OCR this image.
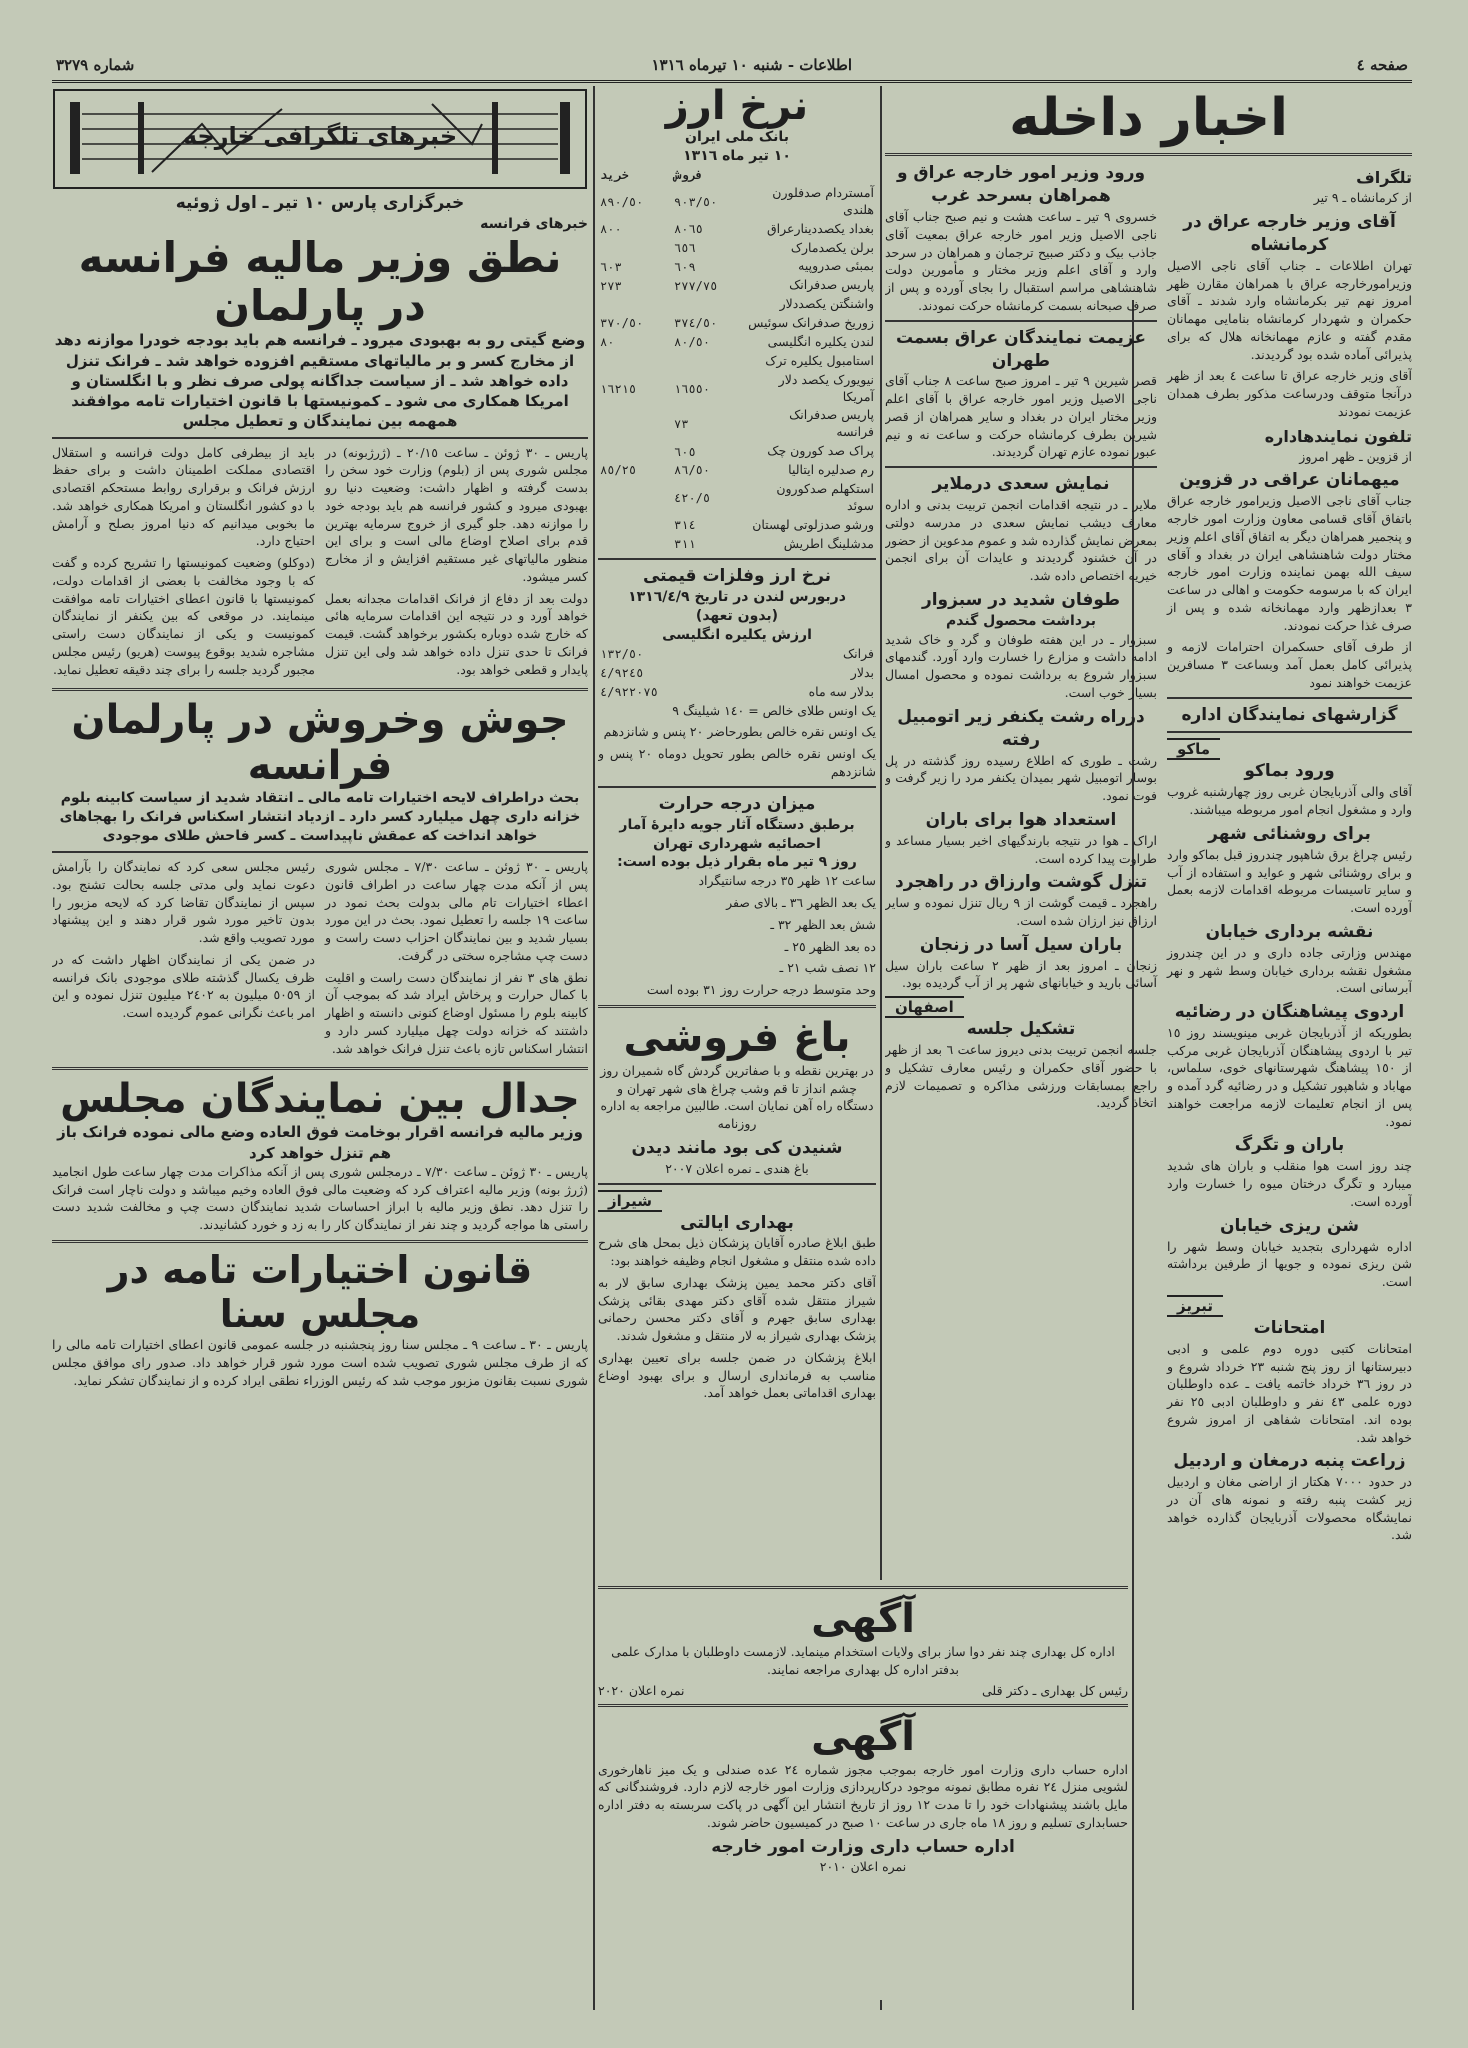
صفحه ٤
اطلاعات - شنبه ١٠ تیرماه ١٣١٦
شماره ٣٢٧٩
اخبار داخله
تلگراف
از کرمانشاه ـ ۹ تیر
آقای وزیر خارجه عراق در کرمانشاه

تهران اطلاعات ـ جناب آقای ناجی الاصیل وزیرامورخارجه عراق با همراهان مقارن ظهر امروز نهم تیر بکرمانشاه وارد شدند ـ آقای حکمران و شهردار کرمانشاه بنامایی مهمانان مقدم گفته و عازم مهمانخانه هلال که برای پذیرائی آماده شده بود گردیدند.

آقای وزیر خارجه عراق تا ساعت ٤ بعد از ظهر درآنجا متوقف ودرساعت مذکور بطرف همدان عزیمت نمودند

تلفون نمایندهاداره
از قزوین ـ ظهر امروز
میهمانان عراقی در قزوین

جناب آقای ناجی الاصیل وزیرامور خارجه عراق باتفاق آقای قسامی معاون وزارت امور خارجه و پنجمیر همراهان دیگر به اتفاق آقای اعلم وزیر مختار دولت شاهنشاهی ایران در بغداد و آقای سیف الله بهمن نماینده وزارت امور خارجه ایران که با مرسومه حکومت و اهالی در ساعت ٣ بعدازظهر وارد مهمانخانه شده و پس از صرف غذا حرکت نمودند.

از طرف آقای حسکمران احترامات لازمه و پذیرائی کامل بعمل آمد وبساعت ٣ مسافرین عزیمت خواهند نمود

گزارشهای نمایندگان اداره
ماکو
ورود بماکو

آقای والی آذربایجان غربی روز چهارشنبه غروب وارد و مشغول انجام امور مربوطه میباشند.

برای روشنائی شهر

رئیس چراغ برق شاهپور چندروز قبل بماکو وارد و برای روشنائی شهر و عواید و استفاده از آب و سایر تاسیسات مربوطه اقدامات لازمه بعمل آورده است.

نقشه برداری خیابان

مهندس وزارتی جاده داری و در این چندروز مشغول نقشه برداری خیابان وسط شهر و نهر آبرسانی است.

اردوی پیشاهنگان در رضائیه

بطوریکه از آذربایجان غربی مینویسند روز ١٥ تیر با اردوی پیشاهنگان آذربایجان غربی مرکب از ١٥٠ پیشاهنگ شهرستانهای خوی، سلماس، مهاباد و شاهپور تشکیل و در رضائیه گرد آمده و پس از انجام تعلیمات لازمه مراجعت خواهند نمود.

باران و تگرگ

چند روز است هوا منقلب و باران های شدید میبارد و تگرگ درختان میوه را خسارت وارد آورده است.

شن ریزی خیابان

اداره شهرداری بتجدید خیابان وسط شهر را شن ریزی نموده و جویها از طرفین برداشته است.

تبریز
امتحانات

امتحانات کتبی دوره دوم علمی و ادبی دبیرستانها از روز پنج شنبه ٢٣ خرداد شروع و در روز ٣٦ خرداد خاتمه یافت ـ عده داوطلبان دوره علمی ٤٣ نفر و داوطلبان ادبی ٢٥ نفر بوده اند. امتحانات شفاهی از امروز شروع خواهد شد.

زراعت پنبه درمغان و اردبیل

در حدود ٧٠٠٠ هکتار از اراضی مغان و اردبیل زیر کشت پنبه رفته و نمونه های آن در نمایشگاه محصولات آذربایجان گذارده خواهد شد.

ورود وزیر امور خارجه عراق و همراهان بسرحد غرب

خسروی ۹ تیر ـ ساعت هشت و نیم صبح جناب آقای ناجی الاصیل وزیر امور خارجه عراق بمعیت آقای جاذب بیک و دکتر صبیح ترجمان و همراهان در سرحد وارد و آقای اعلم وزیر مختار و مأمورین دولت شاهنشاهی مراسم استقبال را بجای آورده و پس از صرف صبحانه بسمت کرمانشاه حرکت نمودند.

عزیمت نمایندگان عراق بسمت طهران

قصر شیرین ۹ تیر ـ امروز صبح ساعت ٨ جناب آقای ناجی الاصیل وزیر امور خارجه عراق با آقای اعلم وزیر مختار ایران در بغداد و سایر همراهان از قصر شیرین بطرف کرمانشاه حرکت و ساعت نه و نیم عبور نموده عازم تهران گردیدند.

نمایش سعدی درملایر

ملایر ـ در نتیجه اقدامات انجمن تربیت بدنی و اداره معارف دیشب نمایش سعدی در مدرسه دولتی بمعرض نمایش گذارده شد و عموم مدعوین از حضور در آن خشنود گردیدند و عایدات آن برای انجمن خیریه اختصاص داده شد.

طوفان شدید در سبزوار
برداشت محصول گندم

سبزوار ـ در این هفته طوفان و گرد و خاک شدید ادامه داشت و مزارع را خسارت وارد آورد. گندمهای سبزوار شروع به برداشت نموده و محصول امسال بسیار خوب است.

درراه رشت یکنفر زیر اتومبیل رفته

رشت ـ طوری که اطلاع رسیده روز گذشته در پل بوسار اتومبیل شهر بمیدان یکنفر مرد را زیر گرفت و فوت نمود.

استعداد هوا برای باران

اراک ـ هوا در نتیجه بارندگیهای اخیر بسیار مساعد و طراوت پیدا کرده است.

تنزل گوشت وارزاق در راهجرد

راهجرد ـ قیمت گوشت از ٩ ریال تنزل نموده و سایر ارزاق نیز ارزان شده است.

باران سیل آسا در زنجان

زنجان ـ امروز بعد از ظهر ٢ ساعت باران سیل آسائی بارید و خیابانهای شهر پر از آب گردیده بود.

اصفهان
تشکیل جلسه

جلسه انجمن تربیت بدنی دیروز ساعت ٦ بعد از ظهر با حضور آقای حکمران و رئیس معارف تشکیل و راجع بمسابقات ورزشی مذاکره و تصمیمات لازم اتخاذ گردید.

نرخ ارز
بانک ملی ایران
١٠ تیر ماه ١٣١٦
	فروش	خرید
آمستردام صدفلورن هلندی	٩٠٣/٥٠	٨٩٠/٥٠
بغداد یکصددینارعراق	٨٠٦٥	٨٠٠
برلن یکصدمارک	٦٥٦	
بمبئی صدروپیه	٦٠٩	٦٠٣
پاریس صدفرانک	٢٧٧/٧٥	٢٧٣
واشنگتن یکصددلار		
زوریخ صدفرانک سوئیس	٣٧٤/٥٠	٣٧٠/٥٠
لندن یکلیره انگلیسی	٨٠/٥٠	٨٠
استامبول یکلیره ترک		
نیویورک یکصد دلار آمریکا	١٦٥٥٠	١٦٢١٥
پاریس صدفرانک فرانسه	٧٣	
پراک صد کورون چک	٦٠٥	
رم صدلیره ایتالیا	٨٦/٥٠	٨٥/٢٥
استکهلم صدکورون سوئد	٤٢٠/٥	
ورشو صدزلوتی لهستان	٣١٤	
مدشلینگ اطریش	٣١١	
نرخ ارز وفلزات قیمتی
دربورس لندن در تاریخ ١٣١٦/٤/٩
(بدون تعهد)
ارزش یکلیره انگلیسی
فرانک	١٣٢/٥٠
بدلار	٤/٩٢٤٥
بدلار سه ماه	٤/٩٢٢٠٧٥
یک اونس طلای خالص = ١٤٠ شیلینگ ٩
یک اونس نقره خالص بطورحاضر ٢٠ پنس و شانزدهم
یک اونس نقره خالص بطور تحویل دوماه ٢٠ پنس و شانزدهم
میزان درجه حرارت
برطبق دستگاه آثار جویه دایرۀ آمار احصائیه شهرداری تهران
روز ٩ تیر ماه بقرار ذیل بوده است:
ساعت ١٢ ظهر ٣٥ درجه سانتیگراد
یک بعد الظهر ٣٦ ـ بالای صفر
شش بعد الظهر ٣٢ ـ
ده بعد الظهر ٢٥ ـ
١٢ نصف شب ٢١ ـ
وحد متوسط درجه حرارت روز ٣١ بوده است
باغ فروشی

در بهترین نقطه و با صفاترین گردش گاه شمیران روز چشم انداز تا قم وشب چراغ های شهر تهران و دستگاه راه آهن نمایان است. طالبین مراجعه به اداره روزنامه

شنیدن کی بود مانند دیدن
باغ هندی ـ نمره اعلان ٢٠٠٧
شیراز
بهداری ایالتی

طبق ابلاغ صادره آقایان پزشکان ذیل بمحل های شرح داده شده منتقل و مشغول انجام وظیفه خواهند بود:

آقای دکتر محمد یمین پزشک بهداری سابق لار به شیراز منتقل شده آقای دکتر مهدی بقائی پزشک بهداری سابق جهرم و آقای دکتر محسن رحمانی پزشک بهداری شیراز به لار منتقل و مشغول شدند.

ابلاغ پزشکان در ضمن جلسه برای تعیین بهداری مناسب به فرمانداری ارسال و برای بهبود اوضاع بهداری اقداماتی بعمل خواهد آمد.

آگهی

اداره کل بهداری چند نفر دوا ساز برای ولایات استخدام مینماید. لازمست داوطلبان با مدارک علمی بدفتر اداره کل بهداری مراجعه نمایند.

رئیس کل بهداری ـ دکتر قلی
نمره اعلان ٢٠٢٠
آگهی

اداره حساب داری وزارت امور خارجه بموجب مجوز شماره ٢٤ عده صندلی و یک میز ناهارخوری لشویی منزل ٢٤ نفره مطابق نمونه موجود درکارپردازی وزارت امور خارجه لازم دارد. فروشندگانی که مایل باشند پیشنهادات خود را تا مدت ١٢ روز از تاریخ انتشار این آگهی در پاکت سربسته به دفتر اداره حسابداری تسلیم و روز ١٨ ماه جاری در ساعت ١٠ صبح در کمیسیون حاضر شوند.

اداره حساب داری وزارت امور خارجه
نمره اعلان ٢٠١٠
خبرهای تلگرافی خارجه
خبرگزاری پارس ١٠ تیر ـ اول ژوئیه
خبرهای فرانسه
نطق وزیر مالیه فرانسه در پارلمان
وضع گیتی رو به بهبودی میرود ـ فرانسه هم باید بودجه خودرا موازنه دهد از مخارج کسر و بر مالیاتهای مستقیم افزوده خواهد شد ـ فرانک تنزل داده خواهد شد ـ از سیاست جداگانه پولی صرف نظر و با انگلستان و امریکا همکاری می شود ـ کمونیستها با قانون اختیارات تامه موافقند
همهمه بین نمایندگان و تعطیل مجلس

پاریس ـ ٣٠ ژوئن ـ ساعت ٢٠/١٥ ـ (ژرژبونه) در مجلس شوری پس از (بلوم) وزارت خود سخن را بدست گرفته و اظهار داشت: وضعیت دنیا رو بهبودی میرود و کشور فرانسه هم باید بودجه خود را موازنه دهد. جلو گیری از خروج سرمایه بهترین قدم برای اصلاح اوضاع مالی است و برای این منظور مالیاتهای غیر مستقیم افزایش و از مخارج کسر میشود.

دولت بعد از دفاع از فرانک اقدامات مجدانه بعمل خواهد آورد و در نتیجه این اقدامات سرمایه هائی که خارج شده دوباره بکشور برخواهد گشت. قیمت فرانک تا حدی تنزل داده خواهد شد ولی این تنزل پایدار و قطعی خواهد بود.

باید از بیطرفی کامل دولت فرانسه و استقلال اقتصادی مملکت اطمینان داشت و برای حفظ ارزش فرانک و برقراری روابط مستحکم اقتصادی با دو کشور انگلستان و امریکا همکاری خواهد شد. ما بخوبی میدانیم که دنیا امروز بصلح و آرامش احتیاج دارد.

(دوکلو) وضعیت کمونیستها را تشریح کرده و گفت که با وجود مخالفت با بعضی از اقدامات دولت، کمونیستها با قانون اعطای اختیارات تامه موافقت مینمایند. در موقعی که بین یکنفر از نمایندگان کمونیست و یکی از نمایندگان دست راستی مشاجره شدید بوقوع پیوست (هریو) رئیس مجلس مجبور گردید جلسه را برای چند دقیقه تعطیل نماید.

جوش وخروش در پارلمان فرانسه
بحث دراطراف لایحه اختیارات تامه مالی ـ انتقاد شدید از سیاست کابینه بلوم خزانه داری چهل میلیارد کسر دارد ـ ازدیاد انتشار اسکناس فرانک را بهجاهای خواهد انداخت که عمقش ناپیداست ـ کسر فاحش طلای موجودی

پاریس ـ ٣٠ ژوئن ـ ساعت ٧/٣٠ ـ مجلس شوری پس از آنکه مدت چهار ساعت در اطراف قانون اعطاء اختیارات تام مالی بدولت بحث نمود در ساعت ١٩ جلسه را تعطیل نمود. بحث در این مورد بسیار شدید و بین نمایندگان احزاب دست راست و دست چپ مشاجره سختی در گرفت.

نطق های ٣ نفر از نمایندگان دست راست و اقلیت با کمال حرارت و پرخاش ایراد شد که بموجب آن کابینه بلوم را مسئول اوضاع کنونی دانسته و اظهار داشتند که خزانه دولت چهل میلیارد کسر دارد و انتشار اسکناس تازه باعث تنزل فرانک خواهد شد.

رئیس مجلس سعی کرد که نمایندگان را بآرامش دعوت نماید ولی مدتی جلسه بحالت تشنج بود. سپس از نمایندگان تقاضا کرد که لایحه مزبور را بدون تاخیر مورد شور قرار دهند و این پیشنهاد مورد تصویب واقع شد.

در ضمن یکی از نمایندگان اظهار داشت که در ظرف یکسال گذشته طلای موجودی بانک فرانسه از ٥٠٥٩ میلیون به ٢٤٠٢ میلیون تنزل نموده و این امر باعث نگرانی عموم گردیده است.

جدال بین نمایندگان مجلس
وزیر مالیه فرانسه اقرار بوخامت فوق العاده وضع مالی نموده فرانک باز هم تنزل خواهد کرد

پاریس ـ ٣٠ ژوئن ـ ساعت ٧/٣٠ ـ درمجلس شوری پس از آنکه مذاکرات مدت چهار ساعت طول انجامید (ژرژ بونه) وزیر مالیه اعتراف کرد که وضعیت مالی فوق العاده وخیم میباشد و دولت ناچار است فرانک را تنزل دهد. نطق وزیر مالیه با ابراز احساسات شدید نمایندگان دست چپ و مخالفت شدید دست راستی ها مواجه گردید و چند نفر از نمایندگان کار را به زد و خورد کشانیدند.

قانون اختیارات تامه در مجلس سنا

پاریس ـ ٣٠ ـ ساعت ٩ ـ مجلس سنا روز پنجشنبه در جلسه عمومی قانون اعطای اختیارات تامه مالی را که از طرف مجلس شوری تصویب شده است مورد شور قرار خواهد داد. صدور رای موافق مجلس شوری نسبت بقانون مزبور موجب شد که رئیس الوزراء نطقی ایراد کرده و از نمایندگان تشکر نماید.
